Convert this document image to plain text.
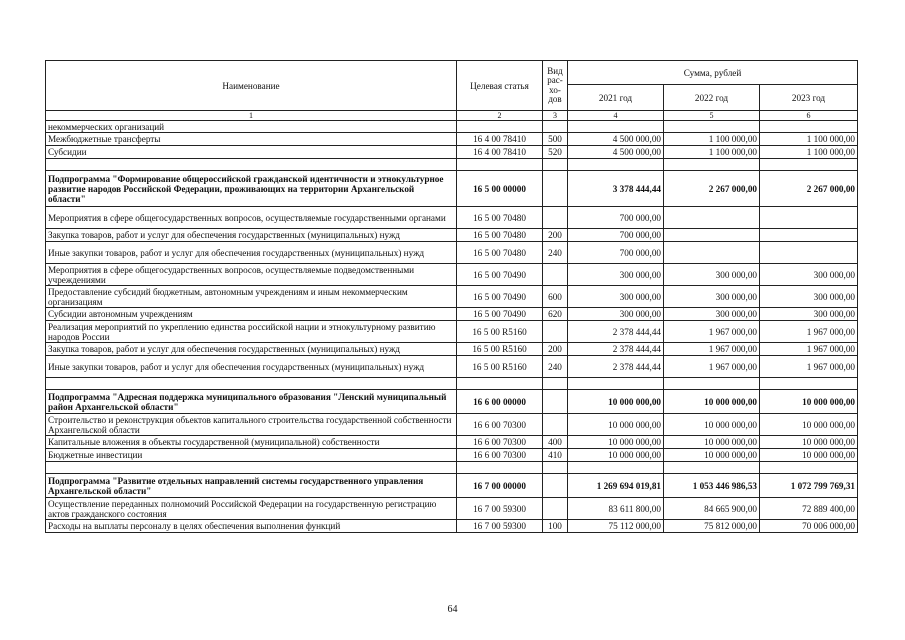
Наименование	Целевая статья	Вид
рас-
хо-
дов	Сумма, рублей		
			2021 год	2022 год	2023 год
1	2	3	4	5	6
некоммерческих организаций					
Межбюджетные трансферты	16 4 00 78410	500	4 500 000,00	1 100 000,00	1 100 000,00
Субсидии	16 4 00 78410	520	4 500 000,00	1 100 000,00	1 100 000,00

Подпрограмма "Формирование общероссийской гражданской идентичности и этнокультурное развитие народов Российской Федерации, проживающих на территории Архангельской области"	16 5 00 00000		3 378 444,44	2 267 000,00	2 267 000,00
Мероприятия в сфере общегосударственных вопросов, осуществляемые государственными органами	16 5 00 70480		700 000,00		
Закупка товаров, работ и услуг для обеспечения государственных (муниципальных) нужд	16 5 00 70480	200	700 000,00		
Иные закупки товаров, работ и услуг для обеспечения государственных (муниципальных) нужд	16 5 00 70480	240	700 000,00		
Мероприятия в сфере общегосударственных вопросов, осуществляемые подведомственными учреждениями	16 5 00 70490		300 000,00	300 000,00	300 000,00
Предоставление субсидий бюджетным, автономным учреждениям и иным некоммерческим организациям	16 5 00 70490	600	300 000,00	300 000,00	300 000,00
Субсидии автономным учреждениям	16 5 00 70490	620	300 000,00	300 000,00	300 000,00
Реализация мероприятий по укреплению единства российской нации и этнокультурному развитию народов России	16 5 00 R5160		2 378 444,44	1 967 000,00	1 967 000,00
Закупка товаров, работ и услуг для обеспечения государственных (муниципальных) нужд	16 5 00 R5160	200	2 378 444,44	1 967 000,00	1 967 000,00
Иные закупки товаров, работ и услуг для обеспечения государственных (муниципальных) нужд	16 5 00 R5160	240	2 378 444,44	1 967 000,00	1 967 000,00

Подпрограмма "Адресная поддержка муниципального образования "Ленский муниципальный район Архангельской области"	16 6 00 00000		10 000 000,00	10 000 000,00	10 000 000,00
Строительство и реконструкция объектов капитального строительства государственной собственности Архангельской области	16 6 00 70300		10 000 000,00	10 000 000,00	10 000 000,00
Капитальные вложения в объекты государственной (муниципальной) собственности	16 6 00 70300	400	10 000 000,00	10 000 000,00	10 000 000,00
Бюджетные инвестиции	16 6 00 70300	410	10 000 000,00	10 000 000,00	10 000 000,00

Подпрограмма "Развитие отдельных направлений системы государственного управления Архангельской области"	16 7 00 00000		1 269 694 019,81	1 053 446 986,53	1 072 799 769,31
Осуществление переданных полномочий Российской Федерации на государственную регистрацию актов гражданского состояния	16 7 00 59300		83 611 800,00	84 665 900,00	72 889 400,00
Расходы на выплаты персоналу в целях обеспечения выполнения функций	16 7 00 59300	100	75 112 000,00	75 812 000,00	70 006 000,00
64
